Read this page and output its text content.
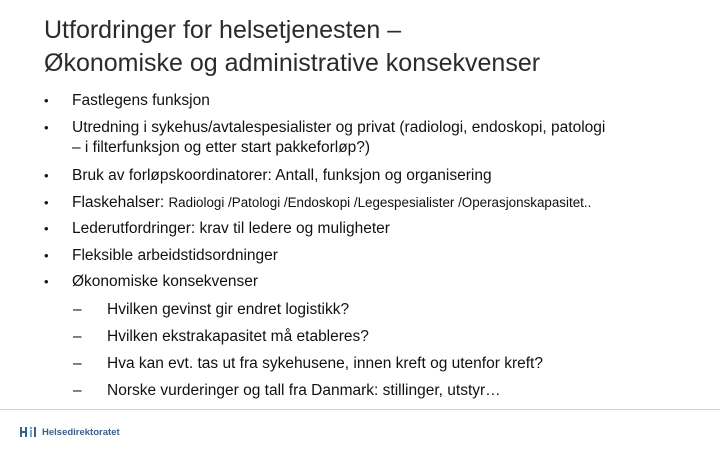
Utfordringer for helsetjenesten –
Økonomiske og administrative konsekvenser
• Fastlegens funksjon
• Utredning i sykehus/avtalespesialister og privat (radiologi, endoskopi, patologi
– i filterfunksjon og etter start pakkeforløp?)
• Bruk av forløpskoordinatorer: Antall, funksjon og organisering
• Flaskehalser: Radiologi /Patologi /Endoskopi /Legespesialister /Operasjonskapasitet..
• Lederutfordringer: krav til ledere og muligheter
• Fleksible arbeidstidsordninger
• Økonomiske konsekvenser
– Hvilken gevinst gir endret logistikk?
– Hvilken ekstrakapasitet må etableres?
– Hva kan evt. tas ut fra sykehusene, innen kreft og utenfor kreft?
– Norske vurderinger og tall fra Danmark: stillinger, utstyr…
Helsedirektoratet
